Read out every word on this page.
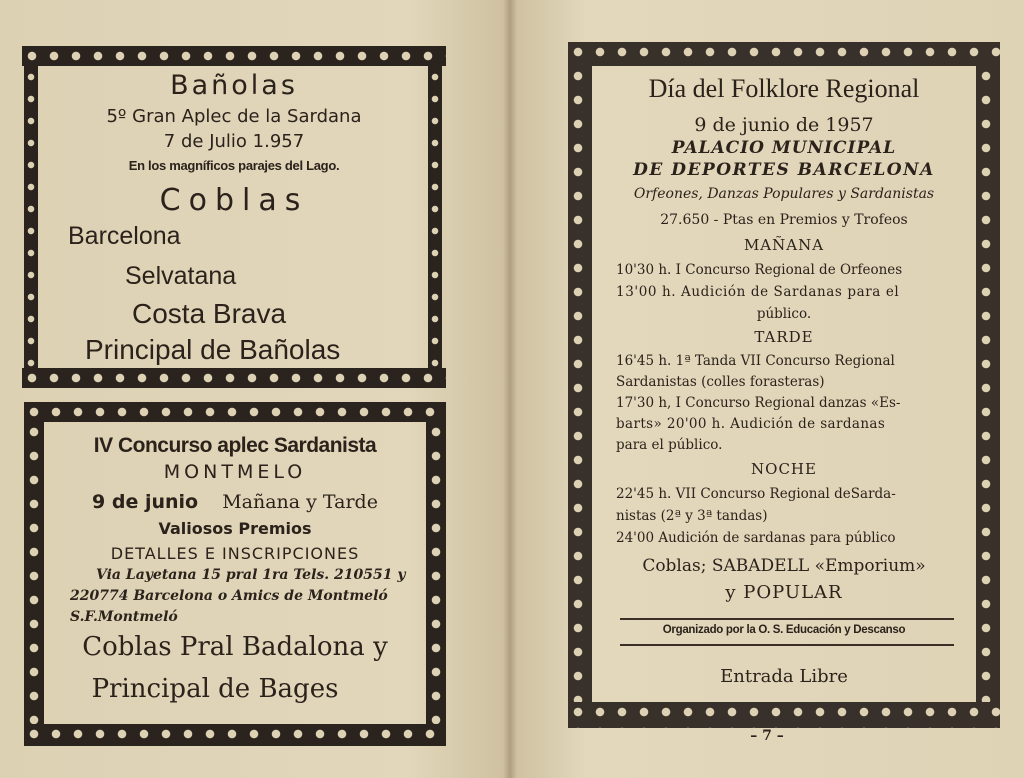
Bañolas
5º Gran Aplec de la Sardana
7 de Julio 1.957
En los magníficos parajes del Lago.
Coblas
Barcelona
Selvatana
Costa Brava
Principal de Bañolas
IV Concurso aplec Sardanista
MONTMELO
9 de junio Mañana y Tarde
Valiosos Premios
DETALLES E INSCRIPCIONES
Via Layetana 15 pral 1ra Tels. 210551 y
220774 Barcelona o Amics de Montmeló
S.F.Montmeló
Coblas Pral Badalona y
Principal de Bages
Día del Folklore Regional
9 de junio de 1957
PALACIO MUNICIPAL
DE DEPORTES BARCELONA
Orfeones, Danzas Populares y Sardanistas
27.650 - Ptas en Premios y Trofeos
MAÑANA
10'30 h. I Concurso Regional de Orfeones
13'00 h. Audición de Sardanas para el
público.
TARDE
16'45 h. 1ª Tanda VII Concurso Regional
Sardanistas (colles forasteras)
17'30 h, I Concurso Regional danzas «Es-
barts» 20'00 h. Audición de sardanas
para el público.
NOCHE
22'45 h. VII Concurso Regional deSarda-
nistas (2ª y 3ª tandas)
24'00 Audición de sardanas para público
Coblas; SABADELL «Emporium»
y POPULAR
Organizado por la O. S. Educación y Descanso
Entrada Libre
– 7 –
